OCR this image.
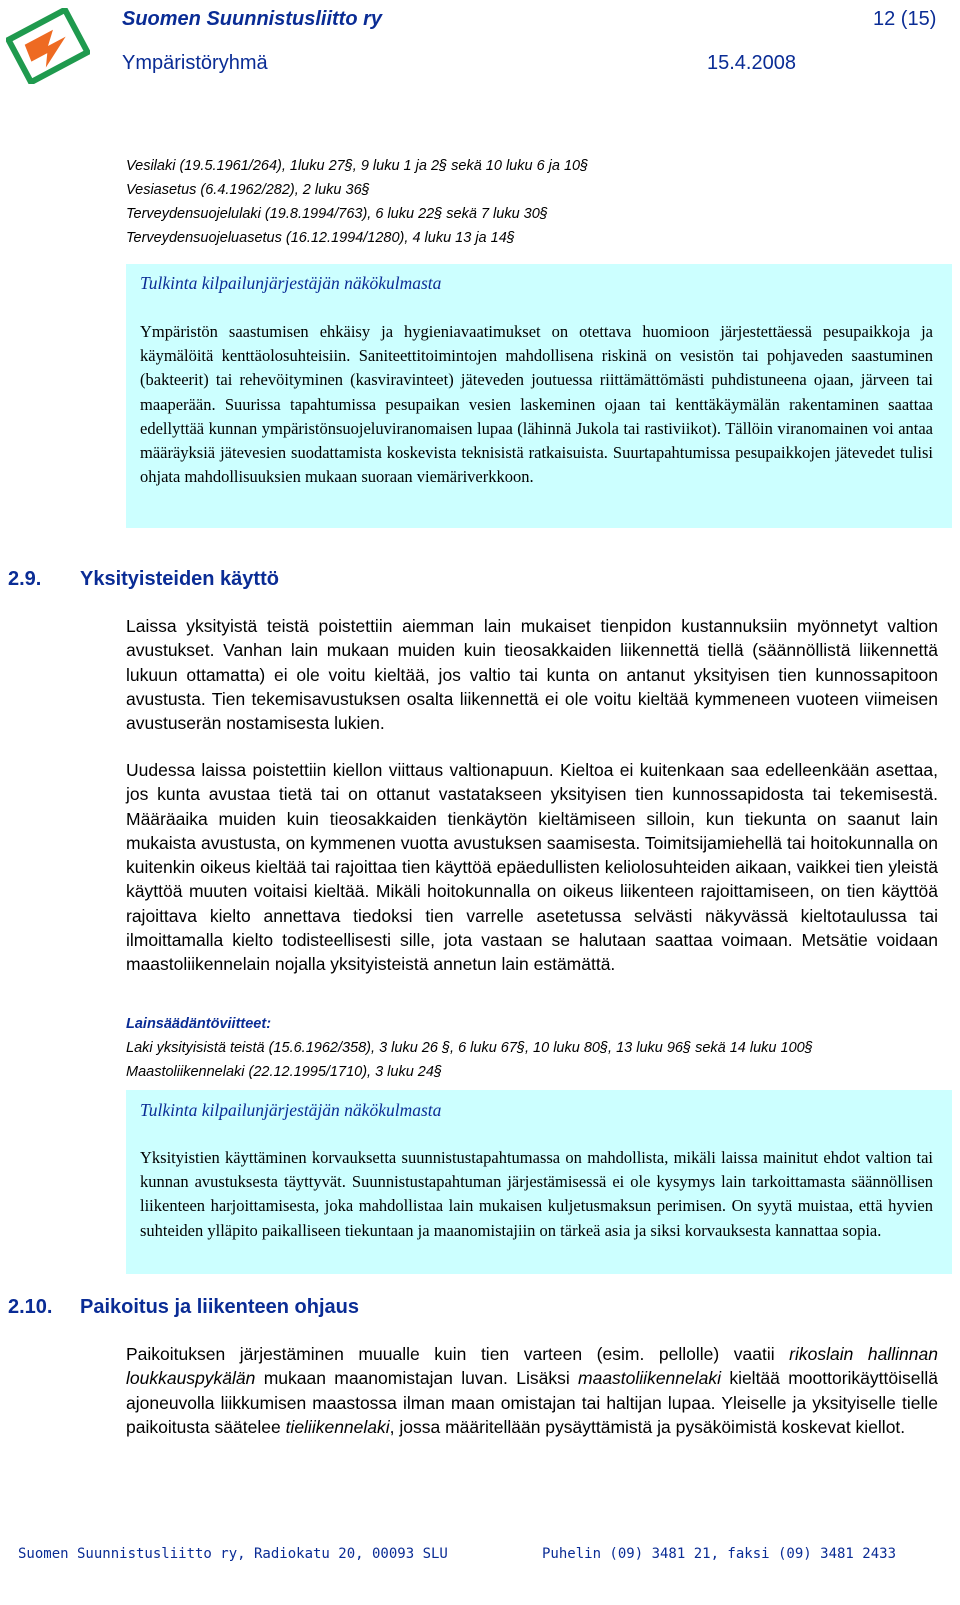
Suomen Suunnistusliitto ry	12 (15)
Ympäristöryhmä	15.4.2008
Vesilaki (19.5.1961/264), 1luku 27§, 9 luku 1 ja 2§ sekä 10 luku 6 ja 10§
Vesiasetus (6.4.1962/282), 2 luku 36§
Terveydensuojelulaki (19.8.1994/763), 6 luku 22§ sekä 7 luku 30§
Terveydensuojeluasetus (16.12.1994/1280), 4 luku 13 ja 14§
Tulkinta kilpailunjärjestäjän näkökulmasta
Ympäristön saastumisen ehkäisy ja hygieniavaatimukset on otettava huomioon järjestettäessä pesupaikkoja ja käymälöitä kenttäolosuhteisiin. Saniteettitoimintojen mahdollisena riskinä on vesistön tai pohjaveden saastuminen (bakteerit) tai rehevöityminen (kasviravinteet) jäteveden joutuessa riittämättömästi puhdistuneena ojaan, järveen tai maaperään. Suurissa tapahtumissa pesupaikan vesien laskeminen ojaan tai kenttäkäymälän rakentaminen saattaa edellyttää kunnan ympäristönsuojeluviranomaisen lupaa (lähinnä Jukola tai rastiviikot). Tällöin viranomainen voi antaa määräyksiä jätevesien suodattamista koskevista teknisistä ratkaisuista. Suurtapahtumissa pesupaikkojen jätevedet tulisi ohjata mahdollisuuksien mukaan suoraan viemäriverkkoon.
2.9. Yksityisteiden käyttö
Laissa yksityistä teistä poistettiin aiemman lain mukaiset tienpidon kustannuksiin myönnetyt valtion avustukset. Vanhan lain mukaan muiden kuin tieosakkaiden liikennettä tiellä (säännöllistä liikennettä lukuun ottamatta) ei ole voitu kieltää, jos valtio tai kunta on antanut yksityisen tien kunnossapitoon avustusta. Tien tekemisavustuksen osalta liikennettä ei ole voitu kieltää kymmeneen vuoteen viimeisen avustuserän nostamisesta lukien.
Uudessa laissa poistettiin kiellon viittaus valtionapuun. Kieltoa ei kuitenkaan saa edelleenkään asettaa, jos kunta avustaa tietä tai on ottanut vastatakseen yksityisen tien kunnossapidosta tai tekemisestä. Määräaika muiden kuin tieosakkaiden tienkäytön kieltämiseen silloin, kun tiekunta on saanut lain mukaista avustusta, on kymmenen vuotta avustuksen saamisesta. Toimitsijamiehellä tai hoitokunnalla on kuitenkin oikeus kieltää tai rajoittaa tien käyttöä epäedullisten keliolosuhteiden aikaan, vaikkei tien yleistä käyttöä muuten voitaisi kieltää. Mikäli hoitokunnalla on oikeus liikenteen rajoittamiseen, on tien käyttöä rajoittava kielto annettava tiedoksi tien varrelle asetetussa selvästi näkyvässä kieltotaulussa tai ilmoittamalla kielto todisteellisesti sille, jota vastaan se halutaan saattaa voimaan. Metsätie voidaan maastoliikennelain nojalla yksityisteistä annetun lain estämättä.
Lainsäädäntöviitteet:
Laki yksityisistä teistä (15.6.1962/358), 3 luku 26 §, 6 luku 67§, 10 luku 80§, 13 luku 96§ sekä 14 luku 100§
Maastoliikennelaki (22.12.1995/1710), 3 luku 24§
Tulkinta kilpailunjärjestäjän näkökulmasta
Yksityistien käyttäminen korvauksetta suunnistustapahtumassa on mahdollista, mikäli laissa mainitut ehdot valtion tai kunnan avustuksesta täyttyvät. Suunnistustapahtuman järjestämisessä ei ole kysymys lain tarkoittamasta säännöllisen liikenteen harjoittamisesta, joka mahdollistaa lain mukaisen kuljetusmaksun perimisen. On syytä muistaa, että hyvien suhteiden ylläpito paikalliseen tiekuntaan ja maanomistajiin on tärkeä asia ja siksi korvauksesta kannattaa sopia.
2.10. Paikoitus ja liikenteen ohjaus
Paikoituksen järjestäminen muualle kuin tien varteen (esim. pellolle) vaatii rikoslain hallinnan loukkauspykälän mukaan maanomistajan luvan. Lisäksi maastoliikennelaki kieltää moottorikäyttöisellä ajoneuvolla liikkumisen maastossa ilman maan omistajan tai haltijan lupaa. Yleiselle ja yksityiselle tielle paikoitusta säätelee tieliikennelaki, jossa määritellään pysäyttämistä ja pysäköimistä koskevat kiellot.
Suomen Suunnistusliitto ry, Radiokatu 20, 00093 SLU	Puhelin (09) 3481 21, faksi (09) 3481 2433
